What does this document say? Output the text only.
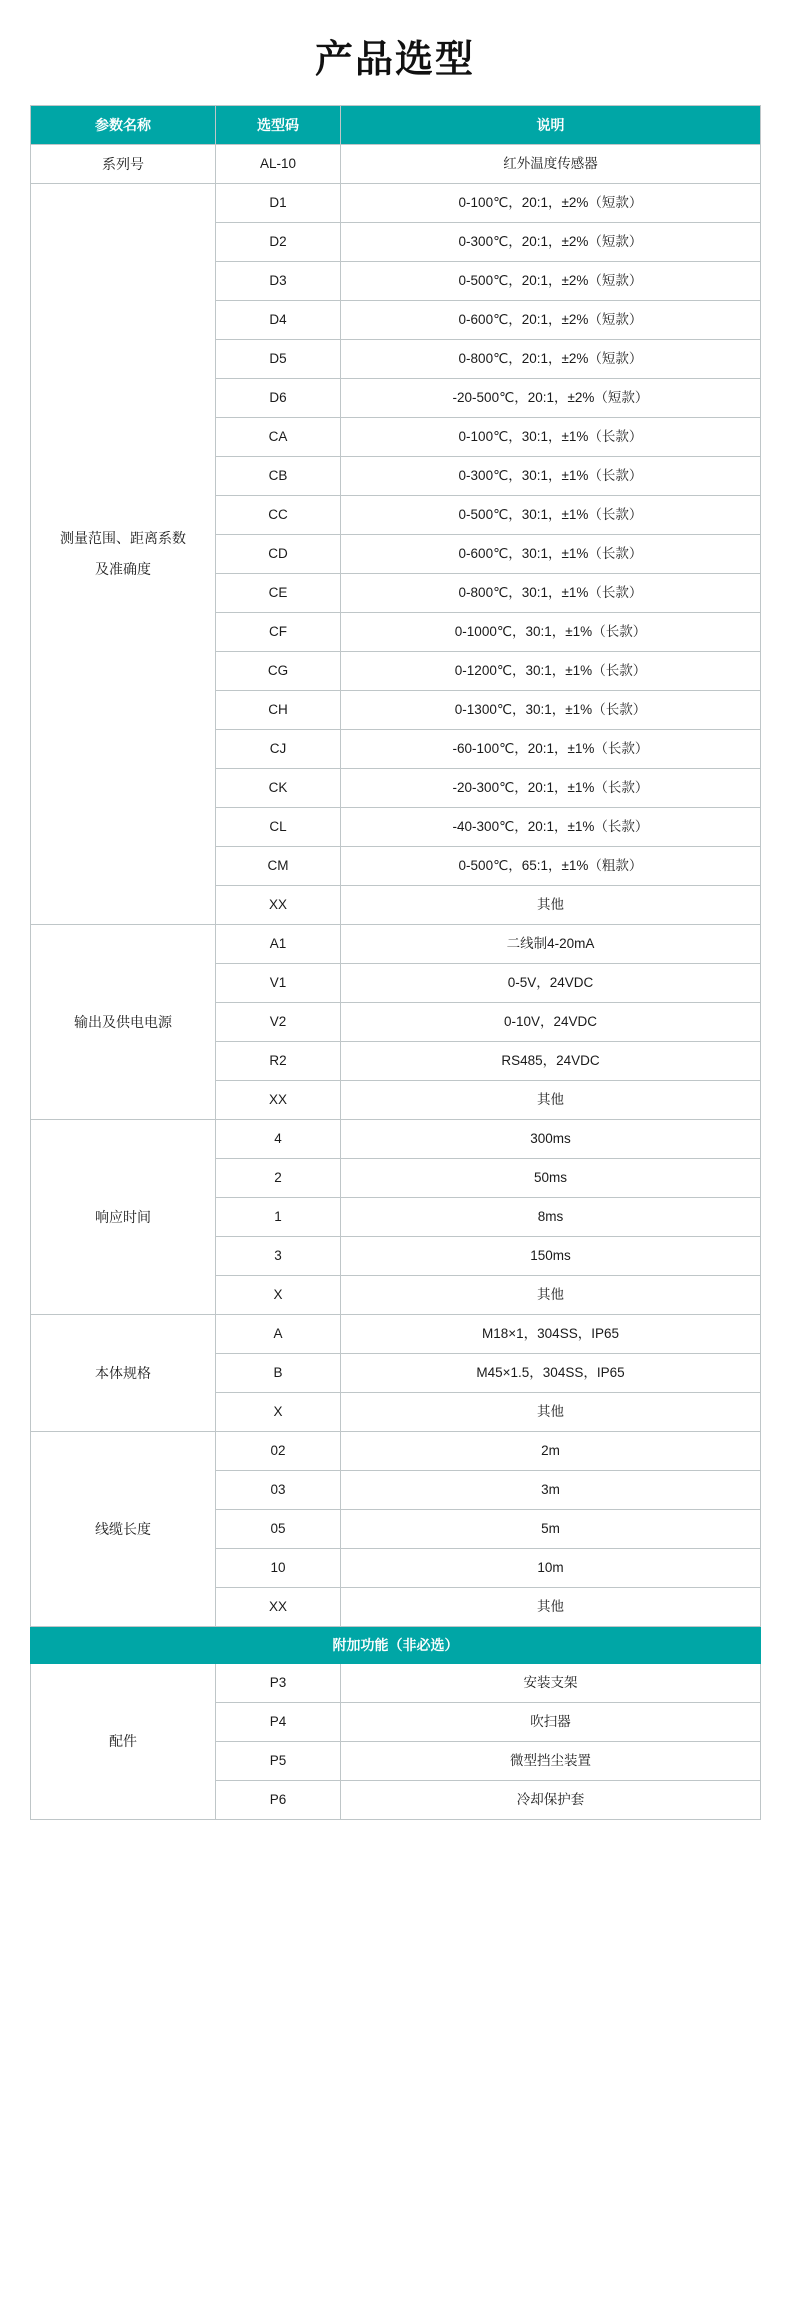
产品选型
参数名称	选型码	说明

系列号	AL-10	红外温度传感器

测量范围、距离系数
及准确度	D1	0-100℃，20:1，±2%（短款）
	D2	0-300℃，20:1，±2%（短款）
	D3	0-500℃，20:1，±2%（短款）
	D4	0-600℃，20:1，±2%（短款）
	D5	0-800℃，20:1，±2%（短款）
	D6	-20-500℃，20:1，±2%（短款）
	CA	0-100℃，30:1，±1%（长款）
	CB	0-300℃，30:1，±1%（长款）
	CC	0-500℃，30:1，±1%（长款）
	CD	0-600℃，30:1，±1%（长款）
	CE	0-800℃，30:1，±1%（长款）
	CF	0-1000℃，30:1，±1%（长款）
	CG	0-1200℃，30:1，±1%（长款）
	CH	0-1300℃，30:1，±1%（长款）
	CJ	-60-100℃，20:1，±1%（长款）
	CK	-20-300℃，20:1，±1%（长款）
	CL	-40-300℃，20:1，±1%（长款）
	CM	0-500℃，65:1，±1%（粗款）
	XX	其他

输出及供电电源	A1	二线制4-20mA
	V1	0-5V，24VDC
	V2	0-10V，24VDC
	R2	RS485，24VDC
	XX	其他

响应时间	4	300ms
	2	50ms
	1	8ms
	3	150ms
	X	其他

本体规格	A	M18×1，304SS，IP65
	B	M45×1.5，304SS，IP65
	X	其他

线缆长度	02	2m
	03	3m
	05	5m
	10	10m
	XX	其他
附加功能（非必选）		

配件	P3	安装支架
	P4	吹扫器
	P5	微型挡尘装置
	P6	冷却保护套
